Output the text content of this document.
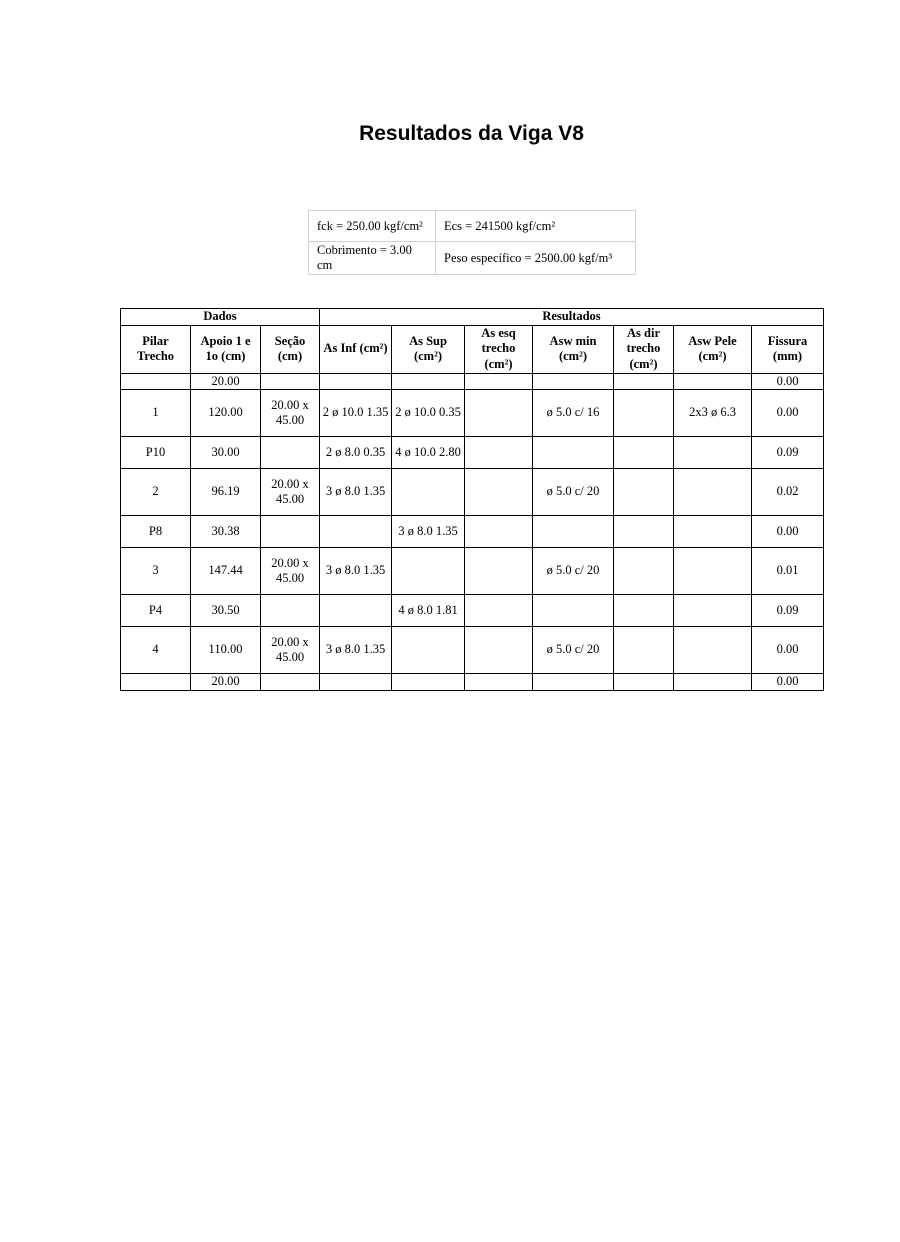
Resultados da Viga V8
fck = 250.00 kgf/cm²	Ecs = 241500 kgf/cm²
Cobrimento = 3.00 cm	Peso específico = 2500.00 kgf/m³
Dados			Resultados						
Pilar Trecho	Apoio 1 e 1o (cm)	Seção (cm)	As Inf (cm²)	As Sup (cm²)	As esq trecho (cm²)	Asw min (cm²)	As dir trecho (cm²)	Asw Pele (cm²)	Fissura (mm)
	20.00								0.00
1	120.00	20.00 x 45.00	2 ø 10.0 1.35	2 ø 10.0 0.35		ø 5.0 c/ 16		2x3 ø 6.3	0.00
P10	30.00		2 ø 8.0 0.35	4 ø 10.0 2.80					0.09
2	96.19	20.00 x 45.00	3 ø 8.0 1.35			ø 5.0 c/ 20			0.02
P8	30.38			3 ø 8.0 1.35					0.00
3	147.44	20.00 x 45.00	3 ø 8.0 1.35			ø 5.0 c/ 20			0.01
P4	30.50			4 ø 8.0 1.81					0.09
4	110.00	20.00 x 45.00	3 ø 8.0 1.35			ø 5.0 c/ 20			0.00
	20.00								0.00
